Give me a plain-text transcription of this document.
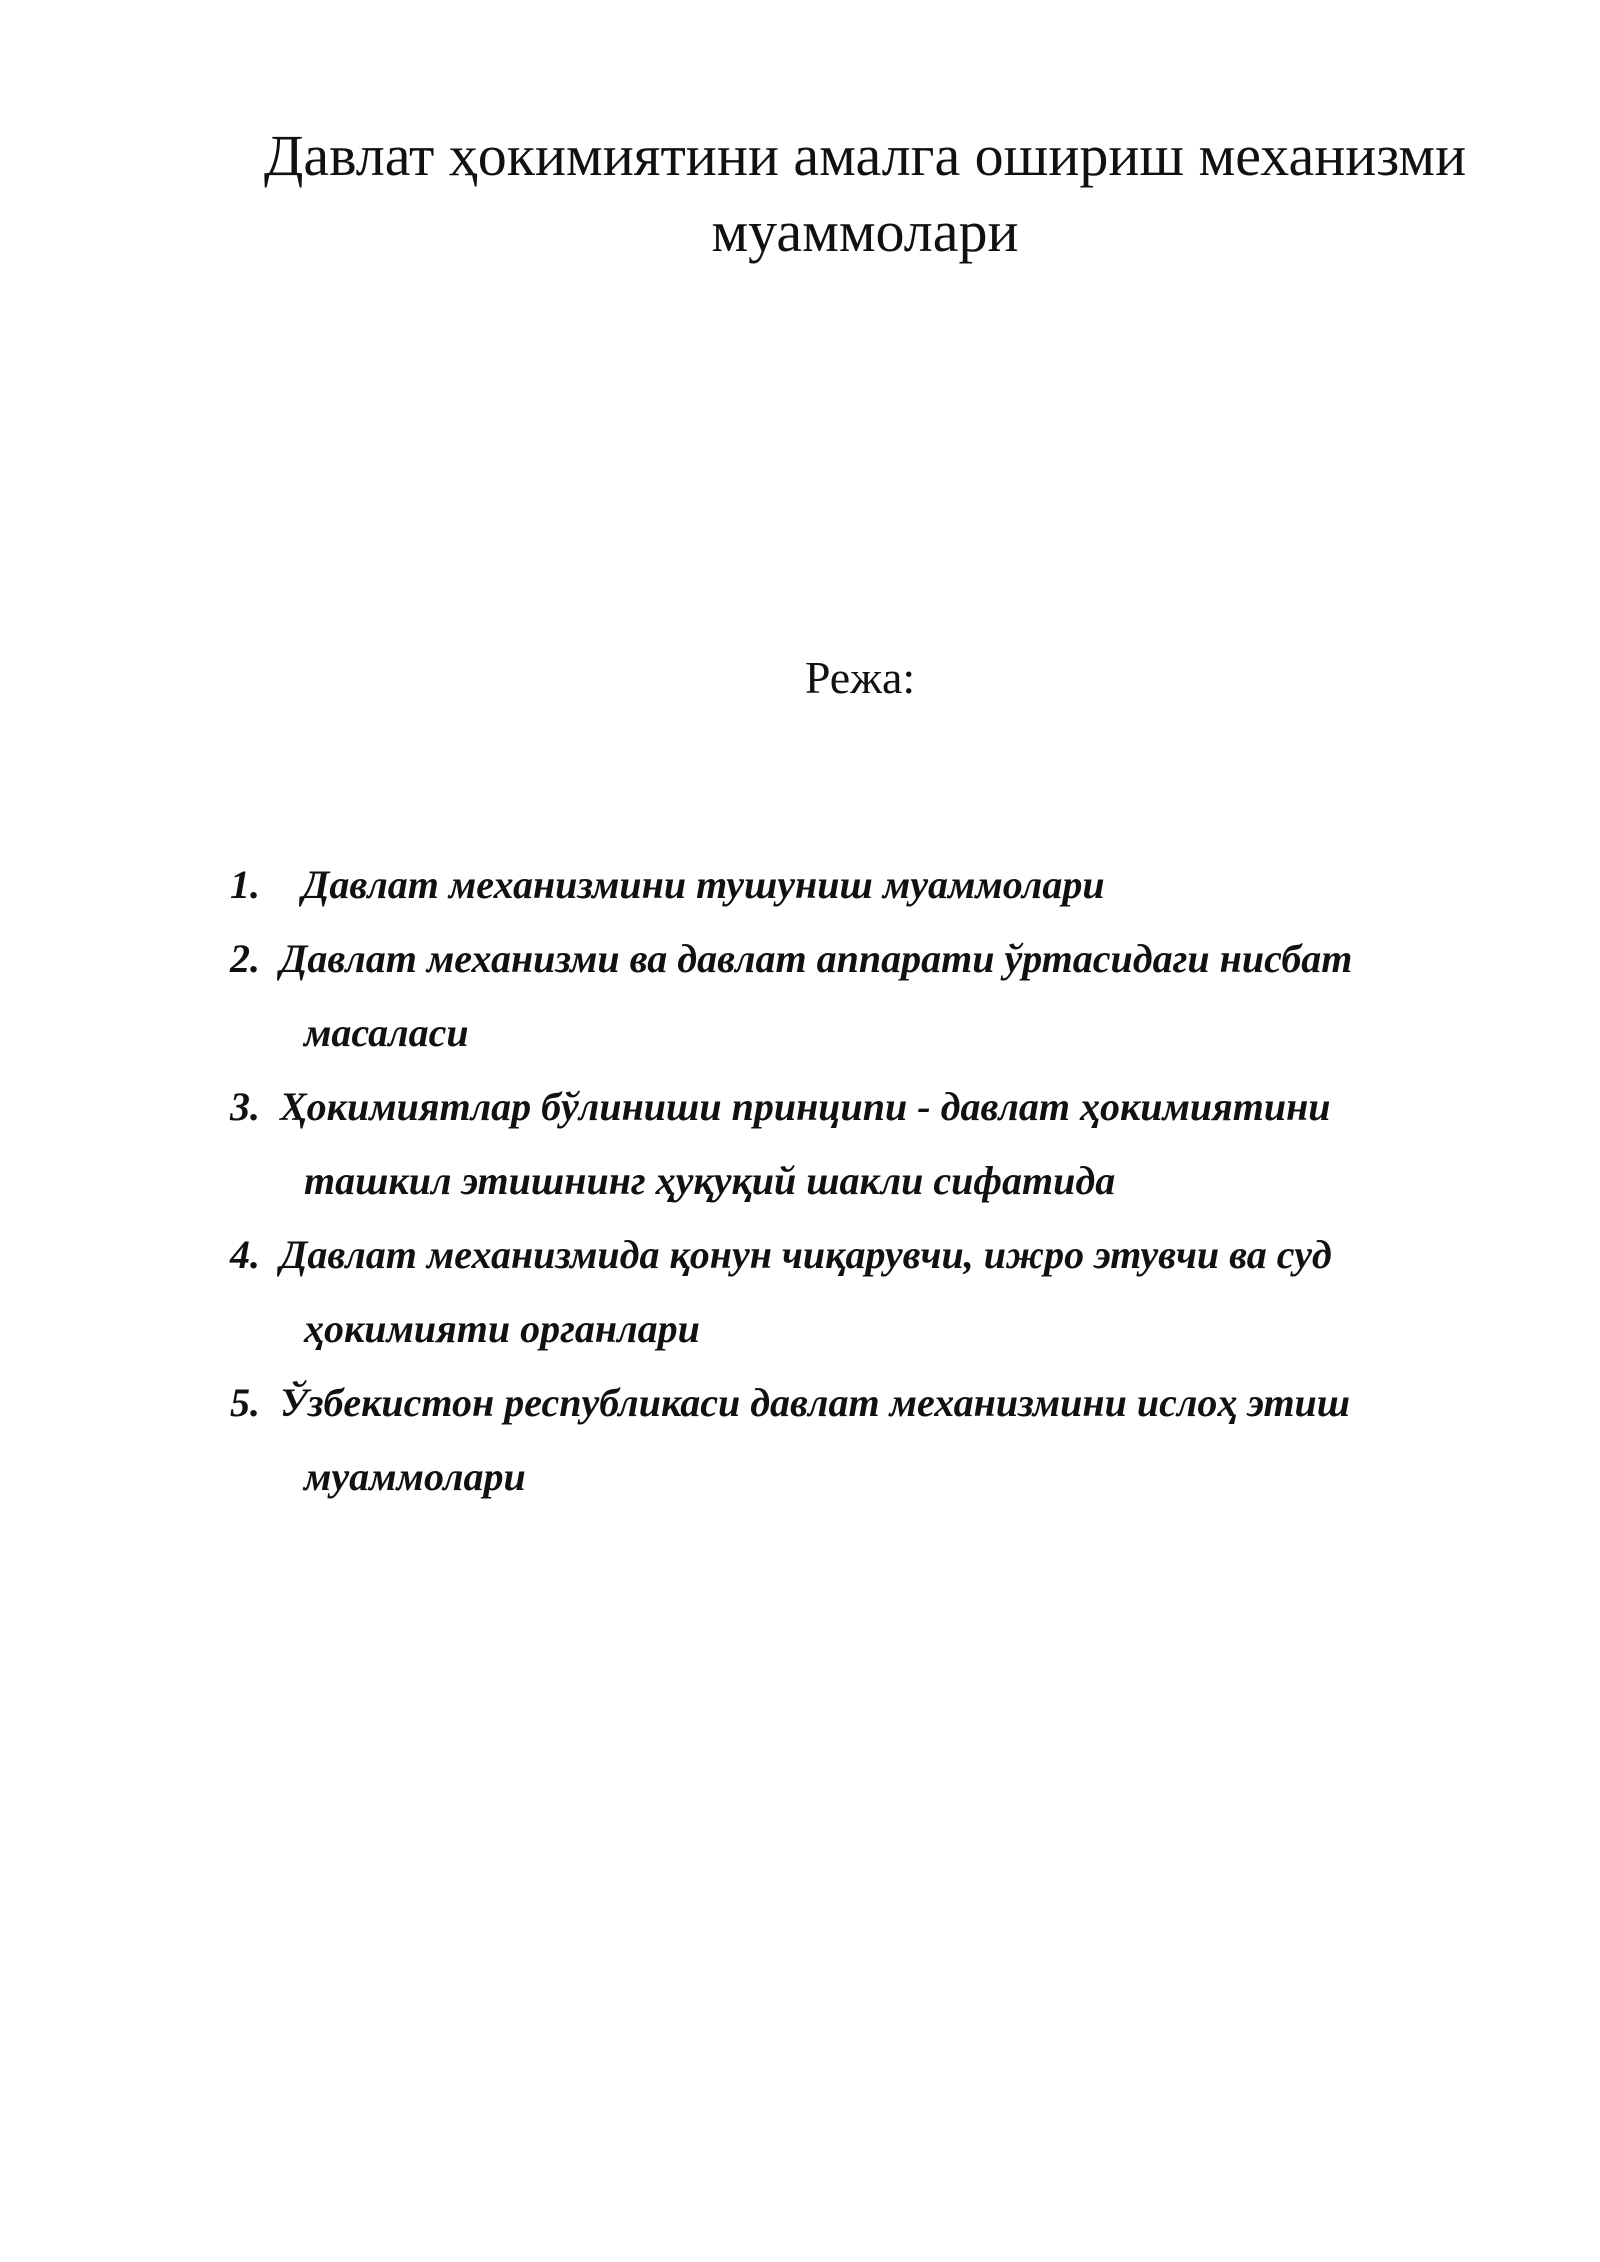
Давлат ҳокимиятини амалга ошириш механизми
муаммолари
Режа:
1.	Давлат механизмини тушуниш муаммолари
2. Давлат механизми ва давлат аппарати ўртасидаги нисбат
масаласи
3. Ҳокимиятлар бўлиниши принципи - давлат ҳокимиятини
ташкил этишнинг ҳуқуқий шакли сифатида
4. Давлат механизмида қонун чиқарувчи, ижро этувчи ва суд
ҳокимияти органлари
5. Ўзбекистон республикаси давлат механизмини ислоҳ этиш
муаммолари
